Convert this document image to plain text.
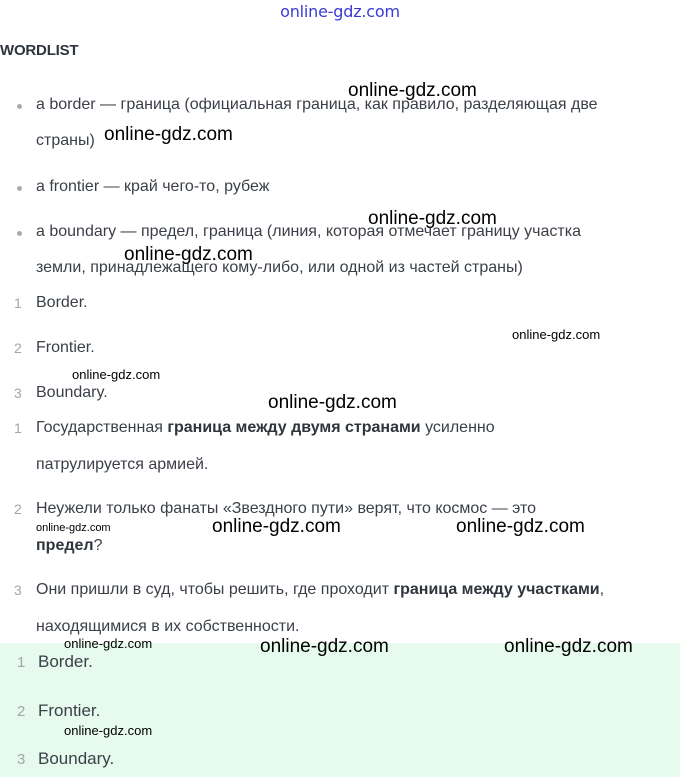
online-gdz.com
WORDLIST
a border — граница (официальная граница, как правило, разделяющая две
страны)
a frontier — край чего-то, рубеж
a boundary — предел, граница (линия, которая отмечает границу участка
земли, принадлежащего кому-либо, или одной из частей страны)
1 Border.
2 Frontier.
3 Boundary.
1 Государственная граница между двумя странами усиленно
патрулируется армией.
2 Неужели только фанаты «Звездного пути» верят, что космос — это
предел?
3 Они пришли в суд, чтобы решить, где проходит граница между участками,
находящимися в их собственности.
1 Border.
2 Frontier.
3 Boundary.
online-gdz.com
online-gdz.com
online-gdz.com
online-gdz.com
online-gdz.com
online-gdz.com
online-gdz.com
online-gdz.com	online-gdz.com
online-gdz.com
online-gdz.com	online-gdz.com	online-gdz.com
online-gdz.com
